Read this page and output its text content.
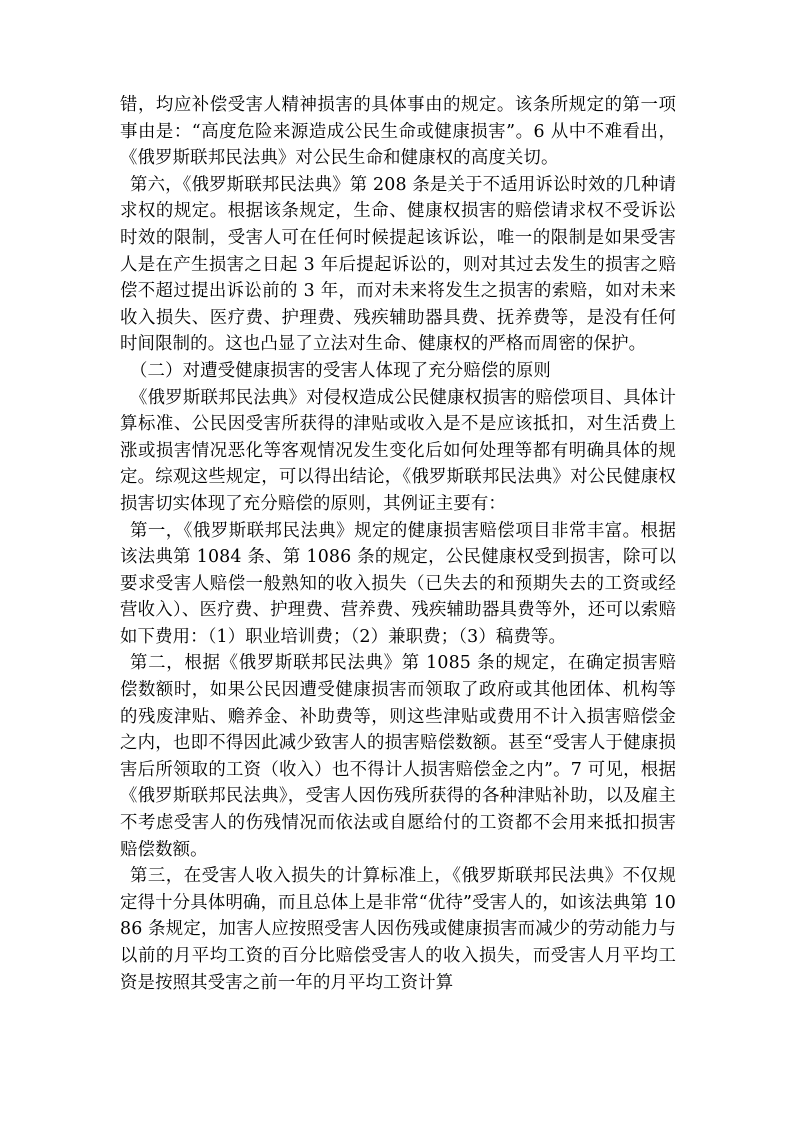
错，均应补偿受害人精神损害的具体事由的规定。该条所规定的第一项事由是：“高度危险来源造成公民生命或健康损害”。6 从中不难看出，《俄罗斯联邦民法典》对公民生命和健康权的高度关切。

第六，《俄罗斯联邦民法典》第 208 条是关于不适用诉讼时效的几种请求权的规定。根据该条规定，生命、健康权损害的赔偿请求权不受诉讼时效的限制，受害人可在任何时候提起该诉讼，唯一的限制是如果受害人是在产生损害之日起 3 年后提起诉讼的，则对其过去发生的损害之赔偿不超过提出诉讼前的 3 年，而对未来将发生之损害的索赔，如对未来收入损失、医疗费、护理费、残疾辅助器具费、抚养费等，是没有任何时间限制的。这也凸显了立法对生命、健康权的严格而周密的保护。

（二）对遭受健康损害的受害人体现了充分赔偿的原则

《俄罗斯联邦民法典》对侵权造成公民健康权损害的赔偿项目、具体计算标准、公民因受害所获得的津贴或收入是不是应该抵扣，对生活费上涨或损害情况恶化等客观情况发生变化后如何处理等都有明确具体的规定。综观这些规定，可以得出结论，《俄罗斯联邦民法典》对公民健康权损害切实体现了充分赔偿的原则，其例证主要有：

第一，《俄罗斯联邦民法典》规定的健康损害赔偿项目非常丰富。根据该法典第 1084 条、第 1086 条的规定，公民健康权受到损害，除可以要求受害人赔偿一般熟知的收入损失（已失去的和预期失去的工资或经营收入）、医疗费、护理费、营养费、残疾辅助器具费等外，还可以索赔如下费用：（1）职业培训费；（2）兼职费；（3）稿费等。

第二，根据《俄罗斯联邦民法典》第 1085 条的规定，在确定损害赔偿数额时，如果公民因遭受健康损害而领取了政府或其他团体、机构等的残废津贴、赡养金、补助费等，则这些津贴或费用不计入损害赔偿金之内，也即不得因此减少致害人的损害赔偿数额。甚至“受害人于健康损害后所领取的工资（收入）也不得计人损害赔偿金之内”。7 可见，根据《俄罗斯联邦民法典》，受害人因伤残所获得的各种津贴补助，以及雇主不考虑受害人的伤残情况而依法或自愿给付的工资都不会用来抵扣损害赔偿数额。

第三，在受害人收入损失的计算标准上，《俄罗斯联邦民法典》不仅规定得十分具体明确，而且总体上是非常“优待”受害人的，如该法典第 1086 条规定，加害人应按照受害人因伤残或健康损害而减少的劳动能力与以前的月平均工资的百分比赔偿受害人的收入损失，而受害人月平均工资是按照其受害之前一年的月平均工资计算
